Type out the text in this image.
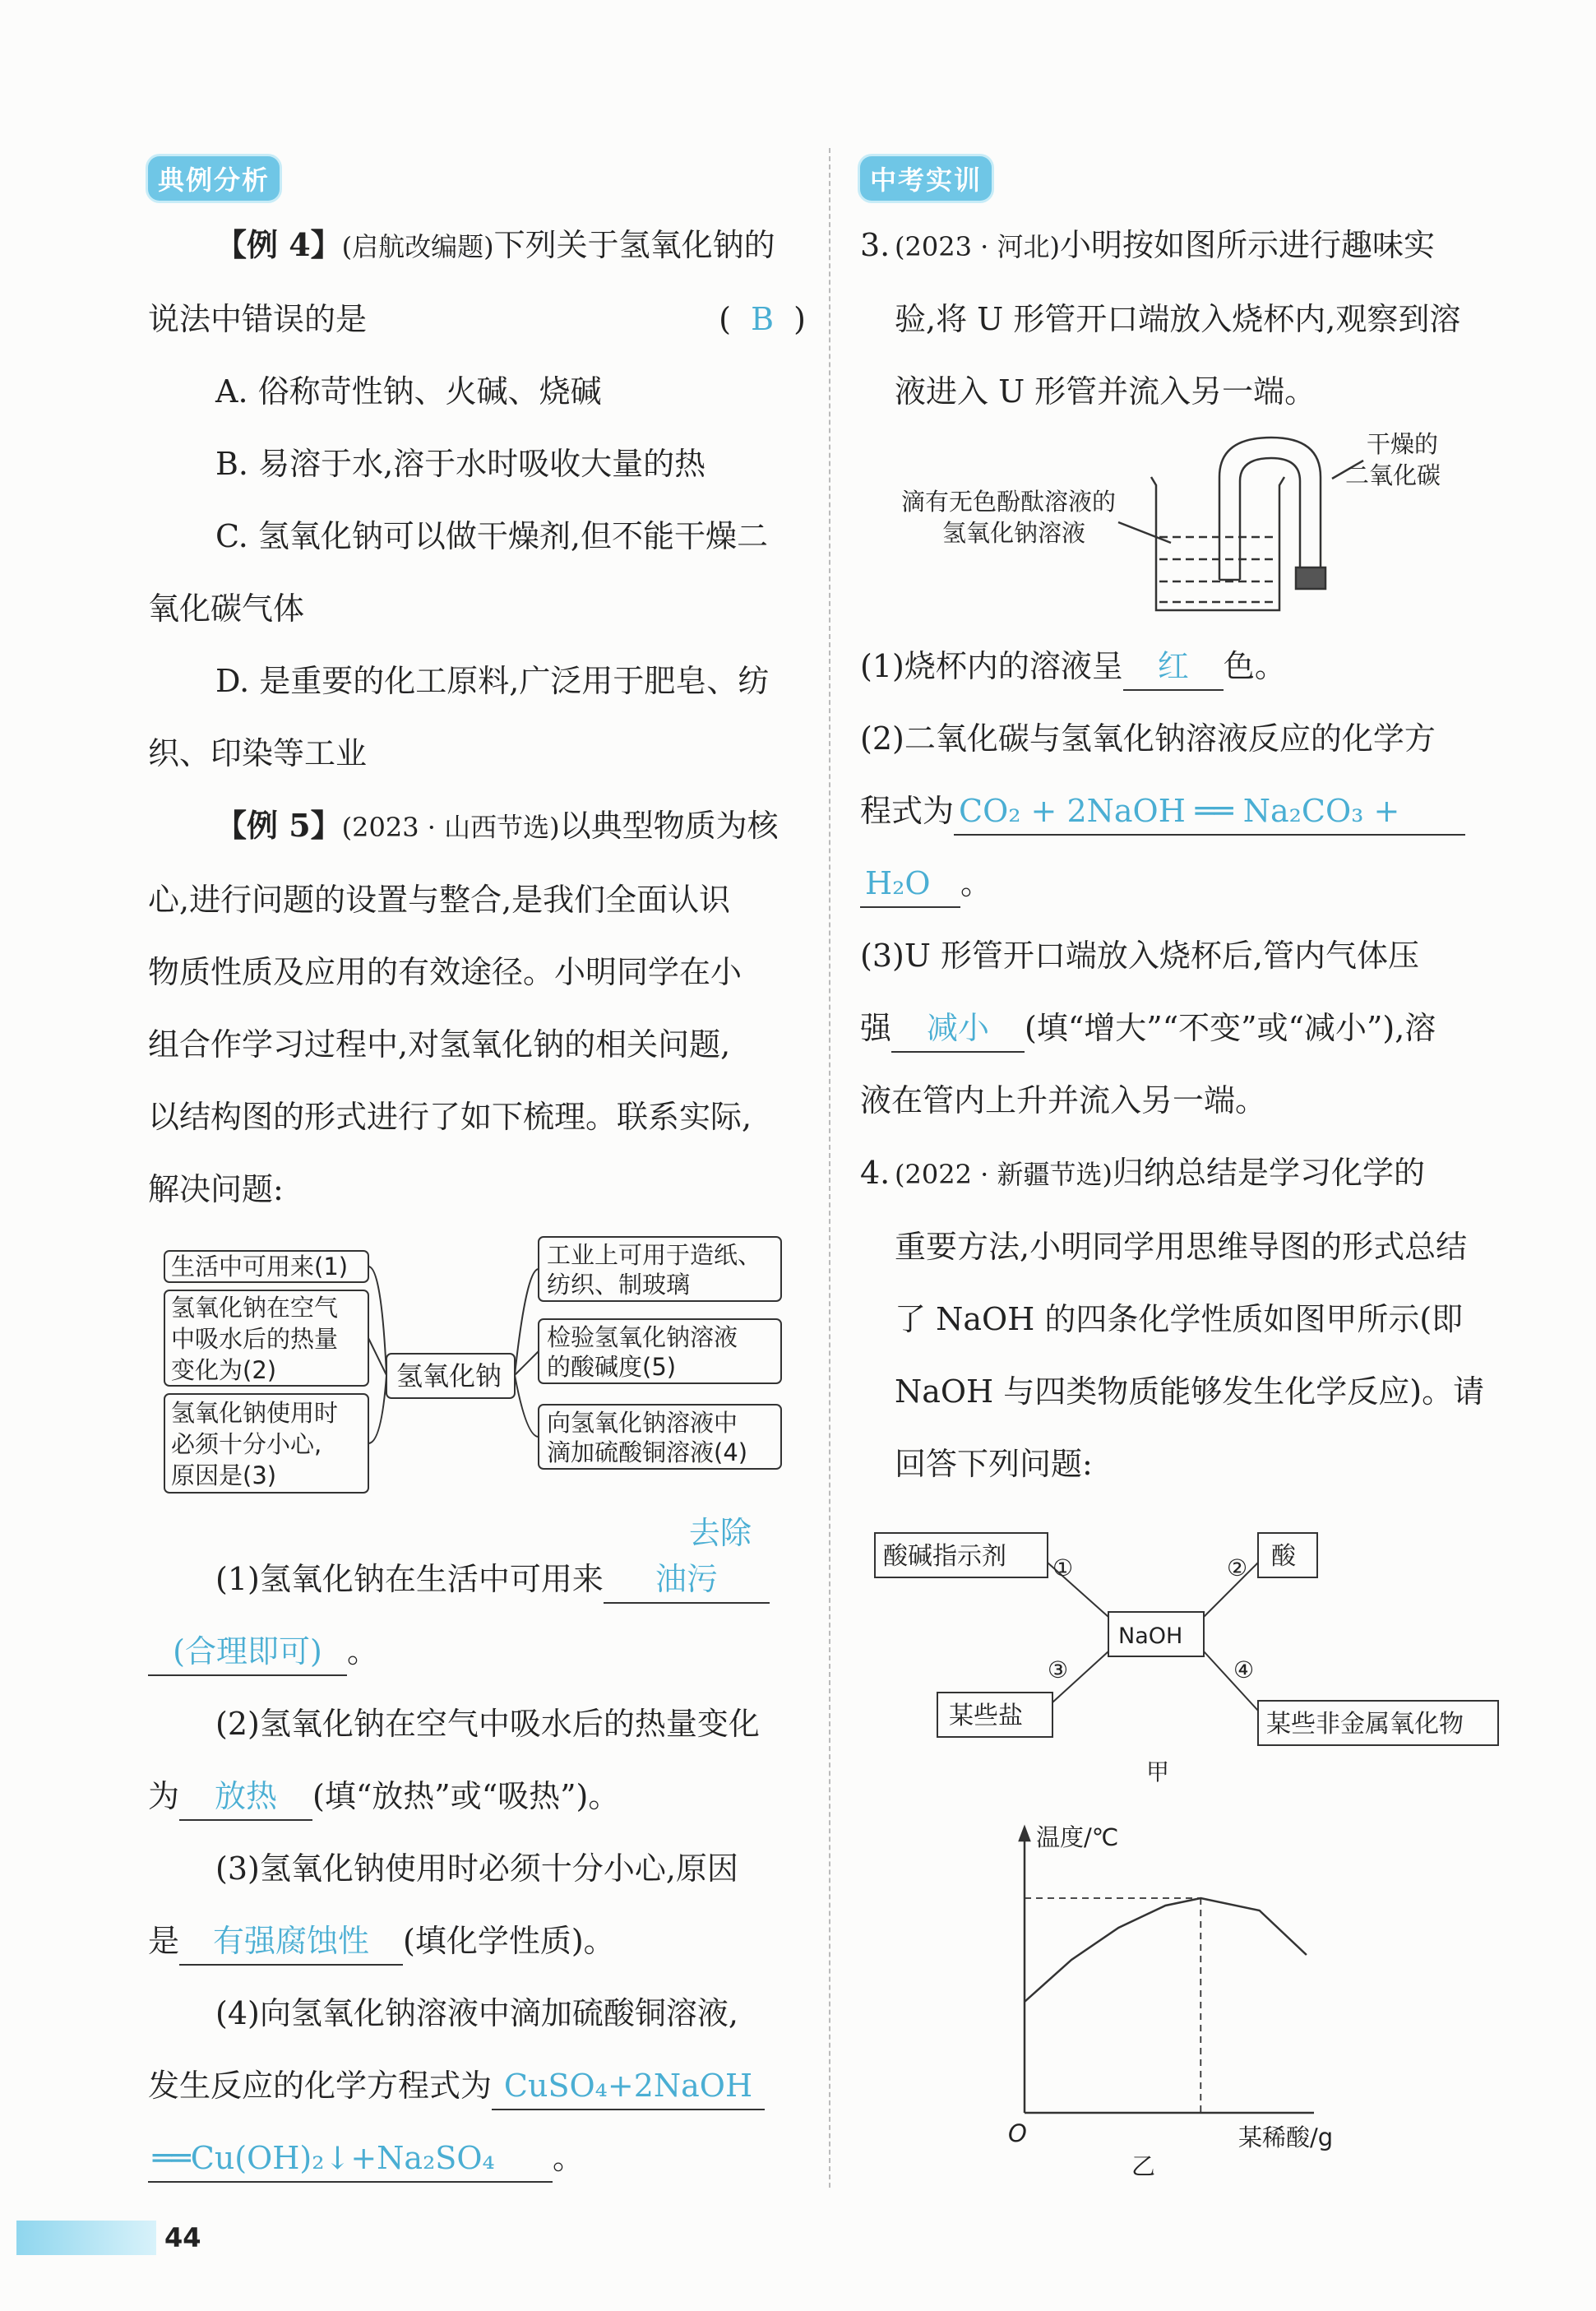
典例分析

【例 4】(启航改编题)下列关于氢氧化钠的

说法中错误的是	(  B  )

A. 俗称苛性钠、火碱、烧碱

B. 易溶于水,溶于水时吸收大量的热

C. 氢氧化钠可以做干燥剂,但不能干燥二

氧化碳气体

D. 是重要的化工原料,广泛用于肥皂、纺

织、印染等工业

【例 5】(2023 · 山西节选)以典型物质为核

心,进行问题的设置与整合,是我们全面认识

物质性质及应用的有效途径。小明同学在小

组合作学习过程中,对氢氧化钠的相关问题,

以结构图的形式进行了如下梳理。联系实际,

解决问题:

生活中可用来(1)
氢氧化钠在空气
中吸水后的热量
变化为(2)
氢氧化钠使用时
必须十分小心,
原因是(3)
氢氧化钠
工业上可用于造纸、
纺织、制玻璃
检验氢氧化钠溶液
的酸碱度(5)
向氢氧化钠溶液中
滴加硫酸铜溶液(4)

(1)氢氧化钠在生活中可用来去除油污

(合理即可) 。

(2)氢氧化钠在空气中吸水后的热量变化

为 放热 (填“放热”或“吸热”)。

(3)氢氧化钠使用时必须十分小心,原因

是 有强腐蚀性 (填化学性质)。

(4)向氢氧化钠溶液中滴加硫酸铜溶液,

发生反应的化学方程式为 CuSO₄+2NaOH

══Cu(OH)₂↓+Na₂SO₄ 。

中考实训

3. (2023 · 河北)小明按如图所示进行趣味实

验,将 U 形管开口端放入烧杯内,观察到溶

液进入 U 形管并流入另一端。

干燥的
二氧化碳
滴有无色酚酞溶液的
氢氧化钠溶液

(1)烧杯内的溶液呈 红 色。

(2)二氧化碳与氢氧化钠溶液反应的化学方

程式为 CO₂ + 2NaOH ══ Na₂CO₃ +

H₂O 。

(3)U 形管开口端放入烧杯后,管内气体压

强 减小 (填“增大”“不变”或“减小”),溶

液在管内上升并流入另一端。

4. (2022 · 新疆节选)归纳总结是学习化学的

重要方法,小明同学用思维导图的形式总结

了 NaOH 的四条化学性质如图甲所示(即

NaOH 与四类物质能够发生化学反应)。请

回答下列问题:

酸碱指示剂	酸
NaOH
某些盐	某些非金属氧化物
①	②
③	④
甲
温度/℃
O	某稀酸/g
乙
44
